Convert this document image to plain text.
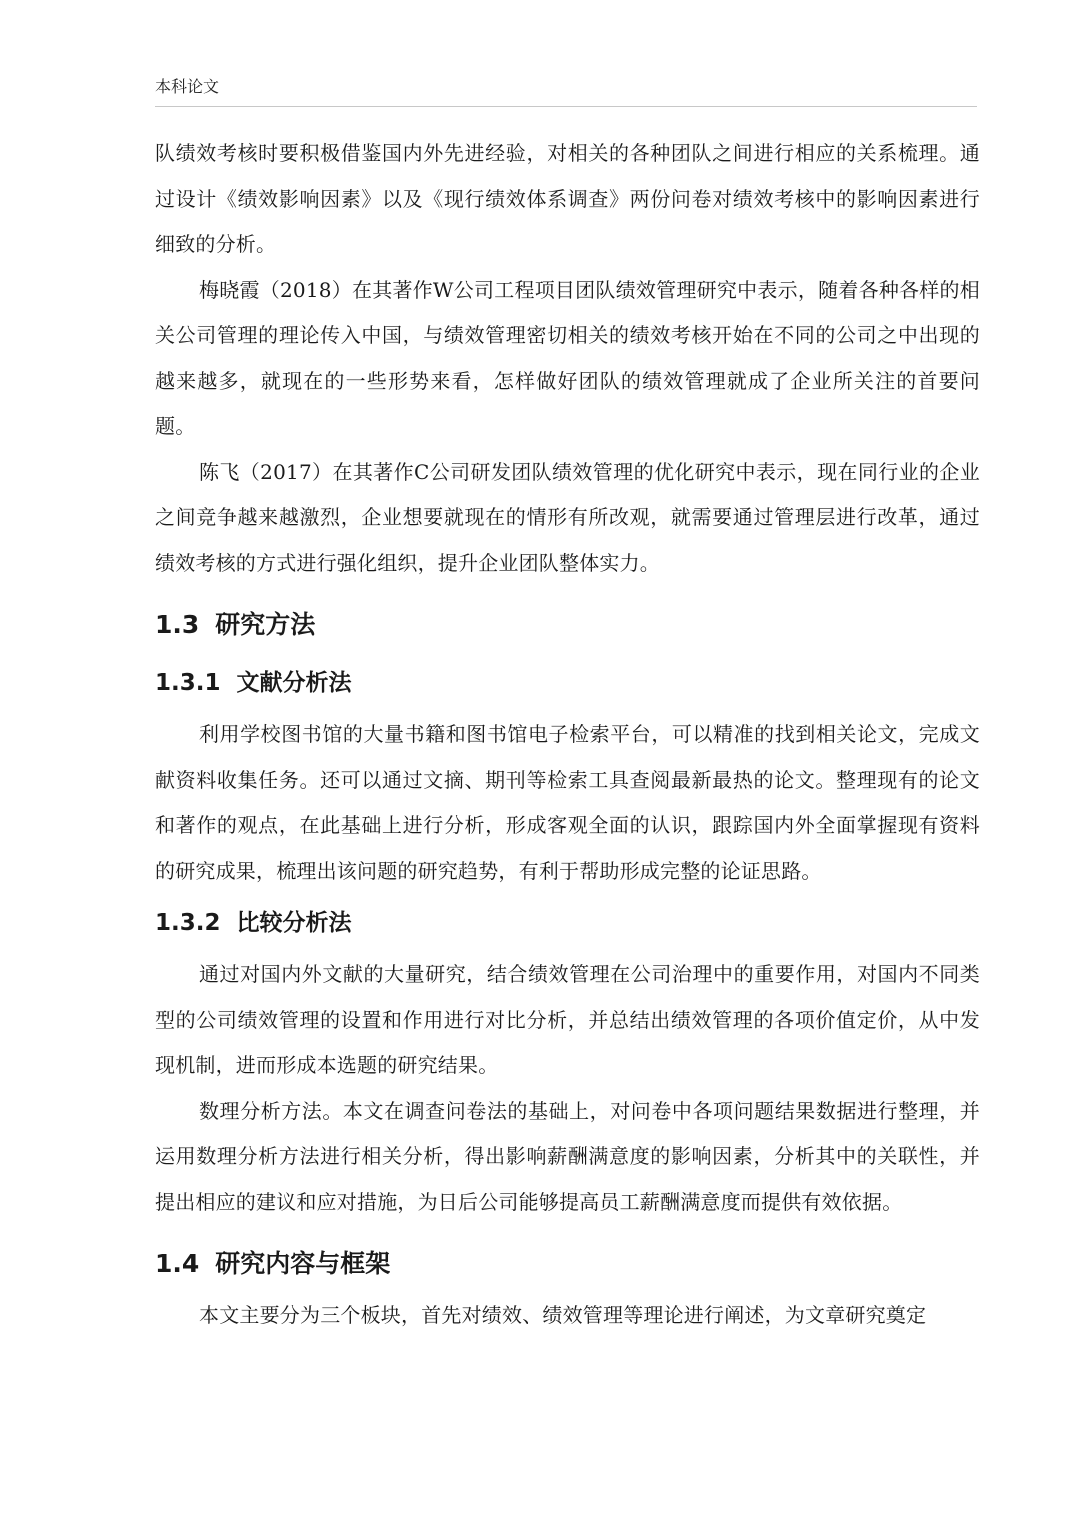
本科论文

队绩效考核时要积极借鉴国内外先进经验，对相关的各种团队之间进行相应的关系梳理。通过设计《绩效影响因素》以及《现行绩效体系调查》两份问卷对绩效考核中的影响因素进行细致的分析。

梅晓霞（2018）在其著作W公司工程项目团队绩效管理研究中表示，随着各种各样的相关公司管理的理论传入中国，与绩效管理密切相关的绩效考核开始在不同的公司之中出现的越来越多，就现在的一些形势来看，怎样做好团队的绩效管理就成了企业所关注的首要问题。

陈飞（2017）在其著作C公司研发团队绩效管理的优化研究中表示，现在同行业的企业之间竞争越来越激烈，企业想要就现在的情形有所改观，就需要通过管理层进行改革，通过绩效考核的方式进行强化组织，提升企业团队整体实力。

1.3 研究方法
1.3.1 文献分析法

利用学校图书馆的大量书籍和图书馆电子检索平台，可以精准的找到相关论文，完成文献资料收集任务。还可以通过文摘、期刊等检索工具查阅最新最热的论文。整理现有的论文和著作的观点，在此基础上进行分析，形成客观全面的认识，跟踪国内外全面掌握现有资料的研究成果，梳理出该问题的研究趋势，有利于帮助形成完整的论证思路。

1.3.2 比较分析法

通过对国内外文献的大量研究，结合绩效管理在公司治理中的重要作用，对国内不同类型的公司绩效管理的设置和作用进行对比分析，并总结出绩效管理的各项价值定价，从中发现机制，进而形成本选题的研究结果。

数理分析方法。本文在调查问卷法的基础上，对问卷中各项问题结果数据进行整理，并运用数理分析方法进行相关分析，得出影响薪酬满意度的影响因素，分析其中的关联性，并提出相应的建议和应对措施，为日后公司能够提高员工薪酬满意度而提供有效依据。

1.4 研究内容与框架

本文主要分为三个板块，首先对绩效、绩效管理等理论进行阐述，为文章研究奠定
